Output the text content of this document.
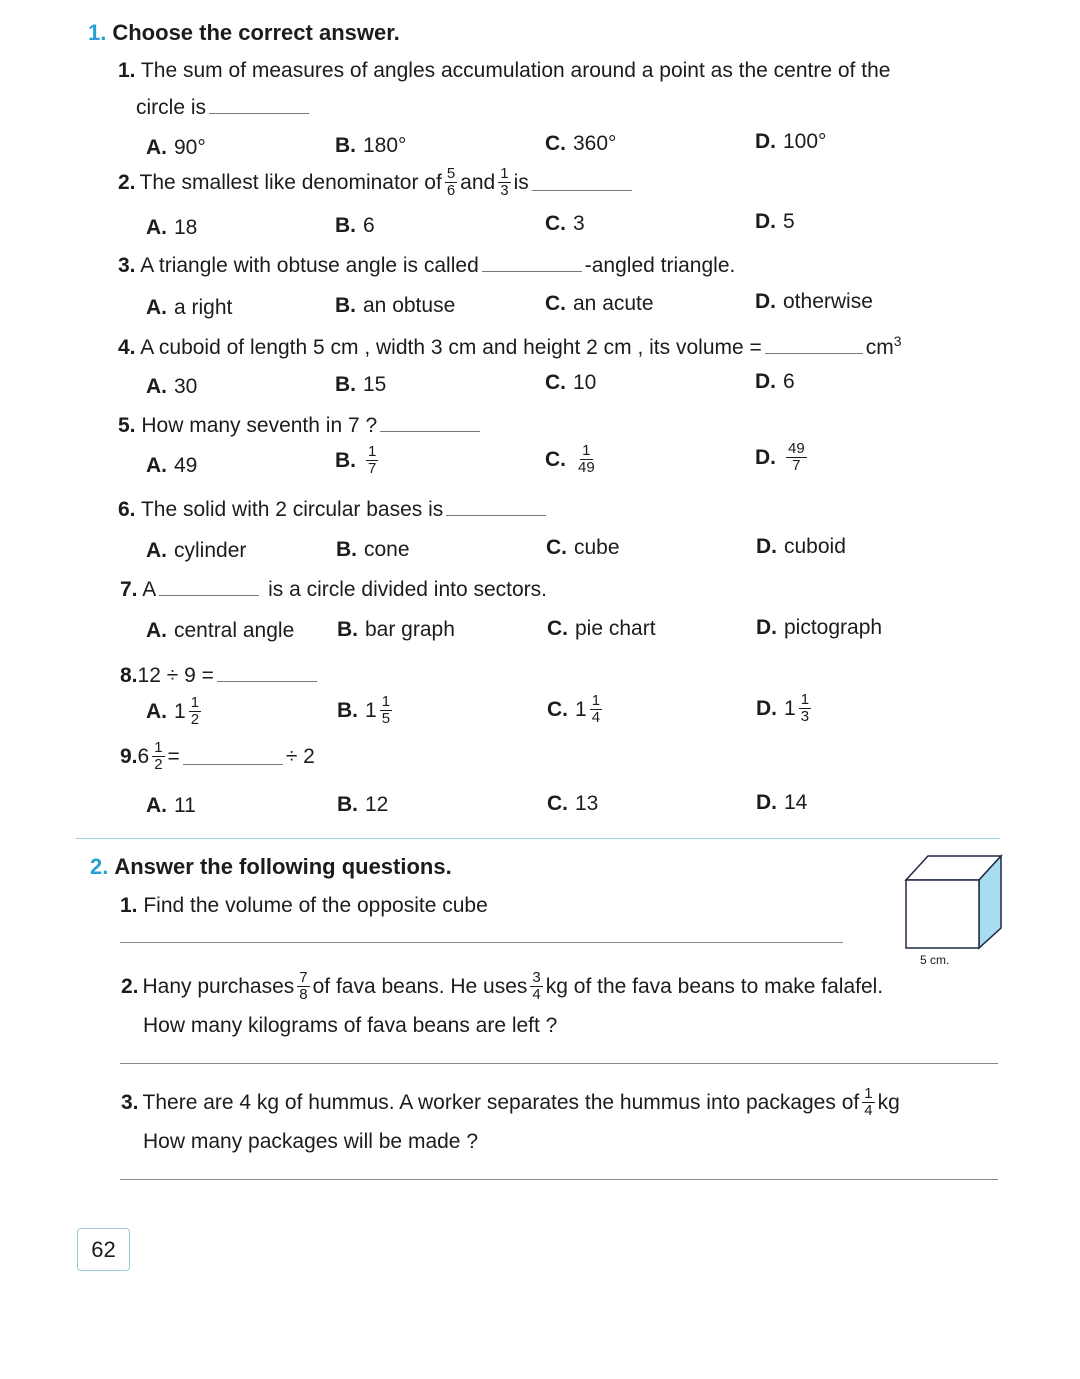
1. Choose the correct answer.
1. The sum of measures of angles accumulation around a point as the centre of the
circle is
A. 90°	B. 180°	C. 360°	D. 100°
2. The smallest like denominator of $\frac{5}{6}$ and $\frac{1}{3}$ is
A. 18	B. 6	C. 3	D. 5
3. A triangle with obtuse angle is called	-angled triangle.
A. a right	B. an obtuse	C. an acute	D. otherwise
4. A cuboid of length 5 cm , width 3 cm and height 2 cm , its volume =	$cm^3$
A. 30	B. 15	C. 10	D. 6
5. How many seventh in 7 ?
A. 49	B. $\frac{1}{7}$	C. $\frac{1}{49}$	D. $\frac{49}{7}$
6. The solid with 2 circular bases is
A. cylinder	B. cone	C. cube	D. cuboid
7. A	is a circle divided into sectors.
A. central angle B. bar graph	C. pie chart	D. pictograph
8.12 ÷ 9 =
A. $1 \frac{1}{2}$	B. $1 \frac{1}{5}$	C. $1 \frac{1}{4}$	D. $1 \frac{1}{3}$
9. $6 \frac{1}{2}$ =	÷ 2
A. 11	B. 12	C. 13	D. 14
2. Answer the following questions.
1. Find the volume of the opposite cube
5 cm.
2. Hany purchases $\frac{7}{8}$ of fava beans. He uses $\frac{3}{4}$ kg of the fava beans to make falafel.
How many kilograms of fava beans are left ?
3. There are 4 kg of hummus. A worker separates the hummus into packages of $\frac{1}{4}$ kg
How many packages will be made ?
62
